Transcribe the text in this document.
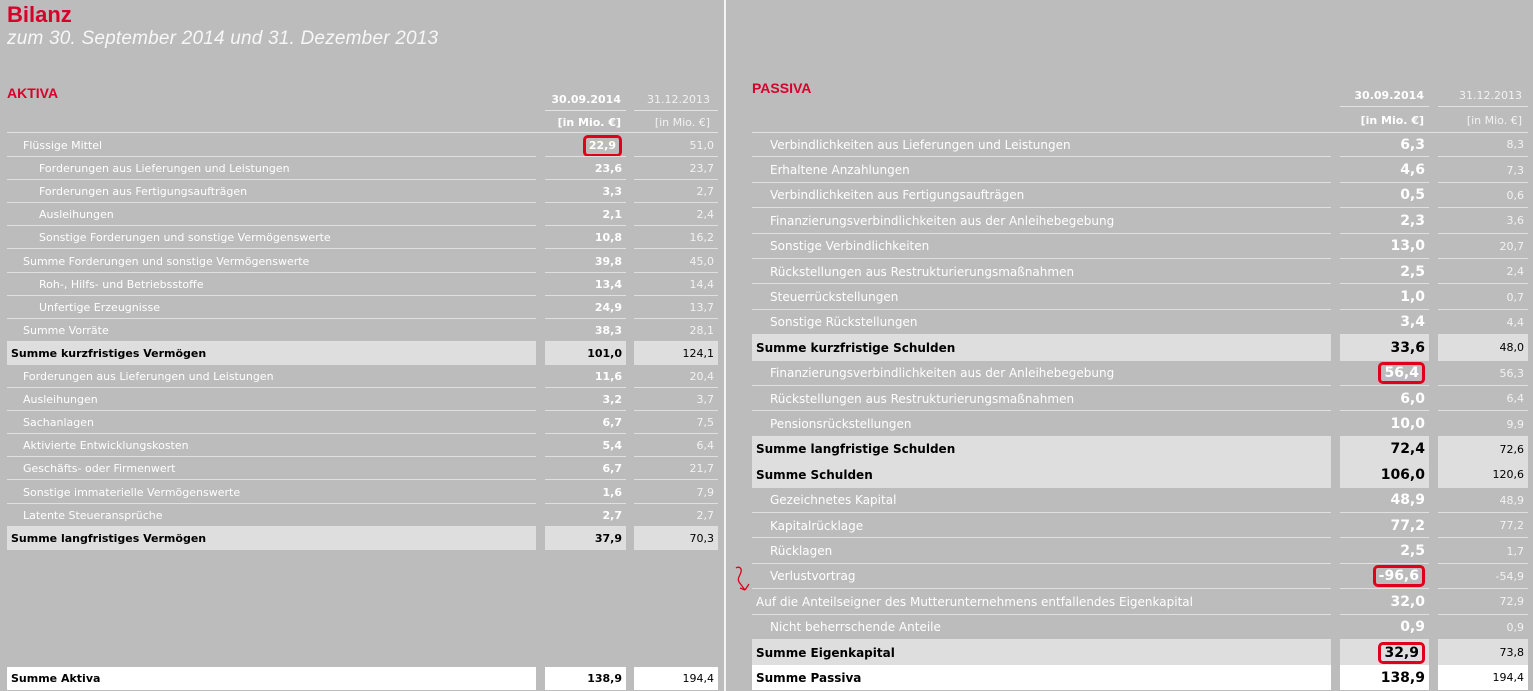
Bilanz
zum 30. September 2014 und 31. Dezember 2013
AKTIVA	30.09.2014	31.12.2013
[in Mio. €]	[in Mio. €]
Flüssige Mittel	22,9	51,0
Forderungen aus Lieferungen und Leistungen	23,6	23,7
Forderungen aus Fertigungsaufträgen	3,3	2,7
Ausleihungen	2,1	2,4
Sonstige Forderungen und sonstige Vermögenswerte	10,8	16,2
Summe Forderungen und sonstige Vermögenswerte	39,8	45,0
Roh-, Hilfs- und Betriebsstoffe	13,4	14,4
Unfertige Erzeugnisse	24,9	13,7
Summe Vorräte	38,3	28,1
Summe kurzfristiges Vermögen	101,0	124,1
Forderungen aus Lieferungen und Leistungen	11,6	20,4
Ausleihungen	3,2	3,7
Sachanlagen	6,7	7,5
Aktivierte Entwicklungskosten	5,4	6,4
Geschäfts- oder Firmenwert	6,7	21,7
Sonstige immaterielle Vermögenswerte	1,6	7,9
Latente Steueransprüche	2,7	2,7
Summe langfristiges Vermögen	37,9	70,3
Summe Aktiva	138,9	194,4
PASSIVA	30.09.2014	31.12.2013
[in Mio. €]	[in Mio. €]
Verbindlichkeiten aus Lieferungen und Leistungen	6,3	8,3
Erhaltene Anzahlungen	4,6	7,3
Verbindlichkeiten aus Fertigungsaufträgen	0,5	0,6
Finanzierungsverbindlichkeiten aus der Anleihebegebung	2,3	3,6
Sonstige Verbindlichkeiten	13,0	20,7
Rückstellungen aus Restrukturierungsmaßnahmen	2,5	2,4
Steuerrückstellungen	1,0	0,7
Sonstige Rückstellungen	3,4	4,4
Summe kurzfristige Schulden	33,6	48,0
Finanzierungsverbindlichkeiten aus der Anleihebegebung	56,4	56,3
Rückstellungen aus Restrukturierungsmaßnahmen	6,0	6,4
Pensionsrückstellungen	10,0	9,9
Summe langfristige Schulden	72,4	72,6
Summe Schulden	106,0	120,6
Gezeichnetes Kapital	48,9	48,9
Kapitalrücklage	77,2	77,2
Rücklagen	2,5	1,7
Verlustvortrag	-96,6	-54,9
Auf die Anteilseigner des Mutterunternehmens entfallendes Eigenkapital	32,0	72,9
Nicht beherrschende Anteile	0,9	0,9
Summe Eigenkapital	32,9	73,8
Summe Passiva	138,9	194,4
